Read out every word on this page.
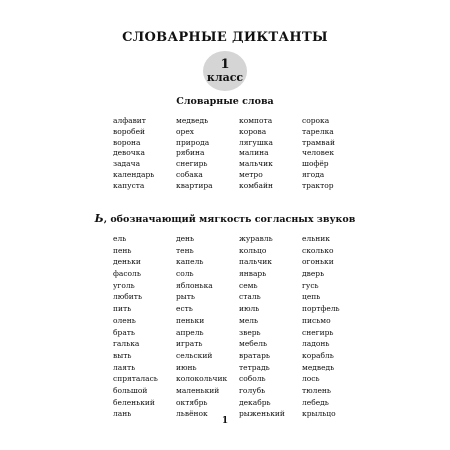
СЛОВАРНЫЕ ДИКТАНТЫ
1
класс
Словарные слова
алфавит
воробей
ворона
девочка
задача
календарь
капуста
медведь
орех
природа
рябина
снегирь
собака
квартира
компота
корова
лягушка
малина
мальчик
метро
комбайн
сорока
тарелка
трамвай
человек
шофёр
ягода
трактор
Ь, обозначающий мягкость согласных звуков
ель
пень
деньки
фасоль
уголь
любить
пить
олень
брать
галька
выть
лаять
спряталась
большой
беленький
лань
день
тень
капель
соль
яблонька
рыть
есть
пеньки
апрель
играть
сельский
июнь
колокольчик
маленький
октябрь
львёнок
журавль
кольцо
пальчик
январь
семь
сталь
июль
мель
зверь
мебель
вратарь
тетрадь
соболь
голубь
декабрь
рыженький
ельник
сколько
огоньки
дверь
гусь
цепь
портфель
письмо
снегирь
ладонь
корабль
медведь
лось
тюлень
лебедь
крыльцо
1
